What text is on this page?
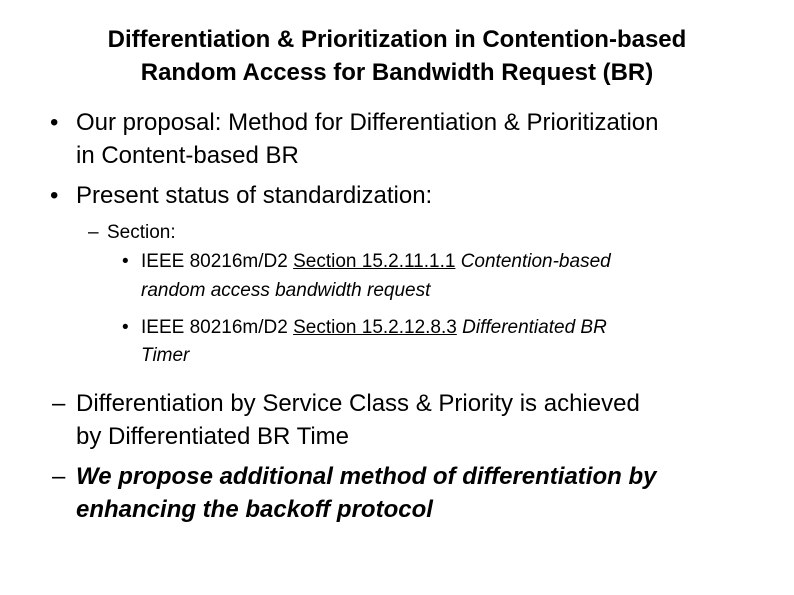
Differentiation & Prioritization in Contention-based
Random Access for Bandwidth Request (BR)
• Our proposal: Method for Differentiation & Prioritization
in Content-based BR
• Present status of standardization:
– Section:
• IEEE 80216m/D2 Section 15.2.11.1.1 Contention-based
random access bandwidth request
• IEEE 80216m/D2 Section 15.2.12.8.3 Differentiated BR
Timer
– Differentiation by Service Class & Priority is achieved
by Differentiated BR Time
– We propose additional method of differentiation by
enhancing the backoff protocol
